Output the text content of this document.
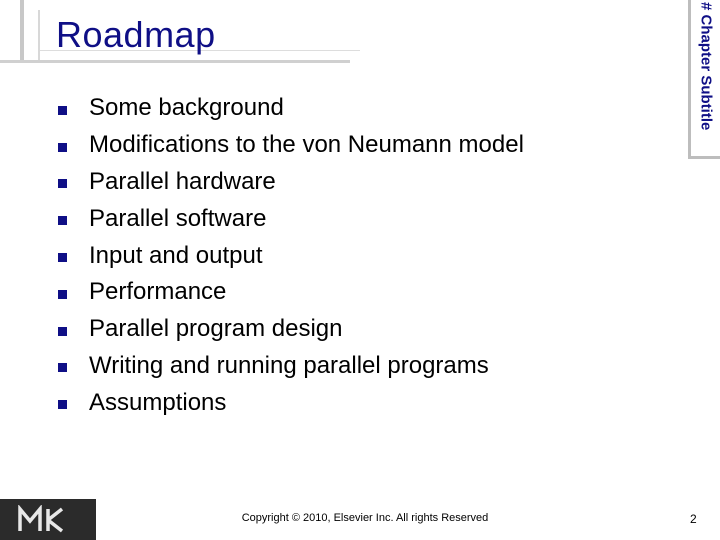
Roadmap	# Chapter Subtitle
Some background
Modifications to the von Neumann model
Parallel hardware
Parallel software
Input and output
Performance
Parallel program design
Writing and running parallel programs
Assumptions
Copyright © 2010, Elsevier Inc. All rights Reserved	2
